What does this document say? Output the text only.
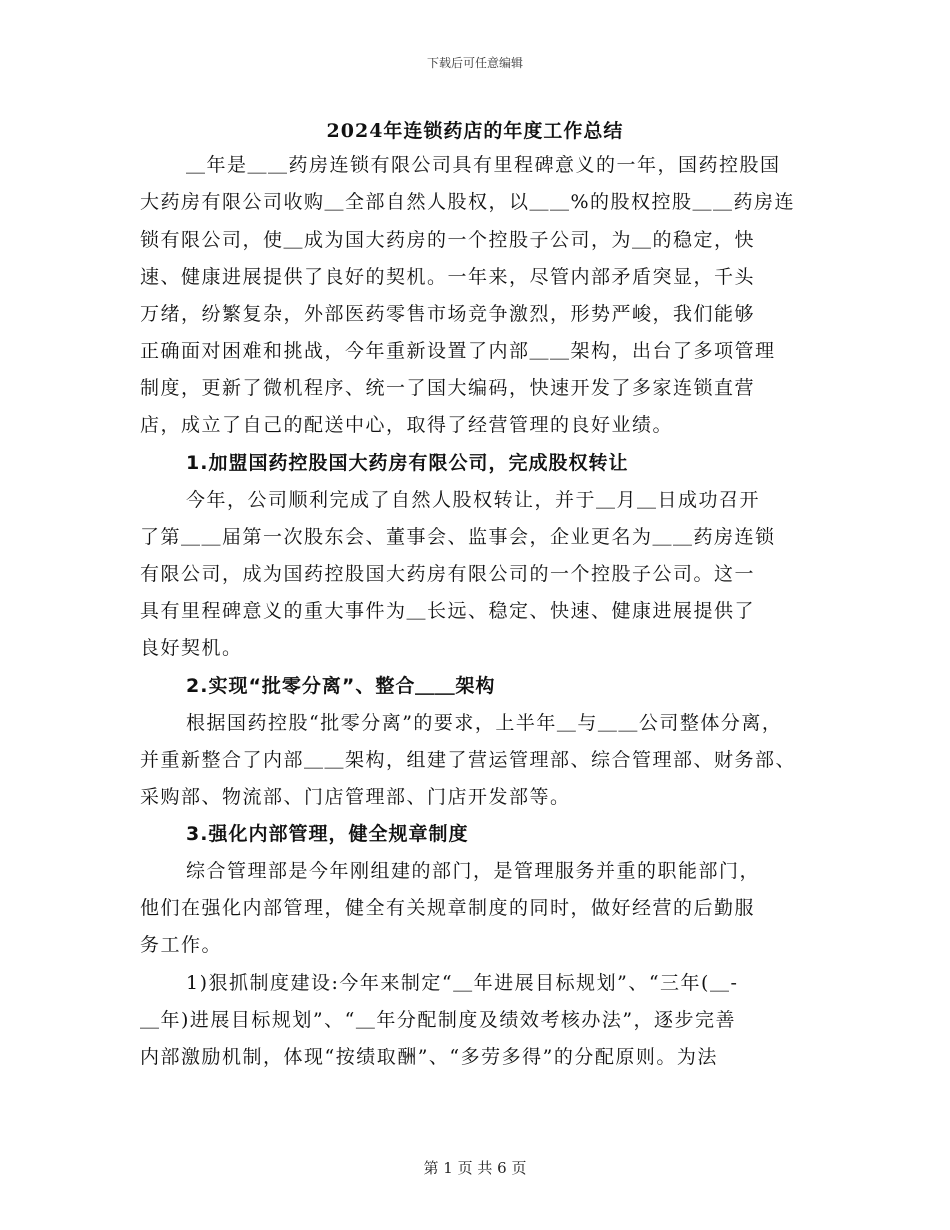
下载后可任意编辑
2024年连锁药店的年度工作总结
＿年是＿＿药房连锁有限公司具有里程碑意义的一年，国药控股国
大药房有限公司收购＿全部自然人股权，以＿＿%的股权控股＿＿药房连
锁有限公司，使＿成为国大药房的一个控股子公司，为＿的稳定，快
速、健康进展提供了良好的契机。一年来，尽管内部矛盾突显，千头
万绪，纷繁复杂，外部医药零售市场竞争激烈，形势严峻，我们能够
正确面对困难和挑战，今年重新设置了内部＿＿架构，出台了多项管理
制度，更新了微机程序、统一了国大编码，快速开发了多家连锁直营
店，成立了自己的配送中心，取得了经营管理的良好业绩。
1.加盟国药控股国大药房有限公司，完成股权转让
今年，公司顺利完成了自然人股权转让，并于＿月＿日成功召开
了第＿＿届第一次股东会、董事会、监事会，企业更名为＿＿药房连锁
有限公司，成为国药控股国大药房有限公司的一个控股子公司。这一
具有里程碑意义的重大事件为＿长远、稳定、快速、健康进展提供了
良好契机。
2.实现“批零分离”、整合＿＿架构
根据国药控股“批零分离”的要求，上半年＿与＿＿公司整体分离，
并重新整合了内部＿＿架构，组建了营运管理部、综合管理部、财务部、
采购部、物流部、门店管理部、门店开发部等。
3.强化内部管理，健全规章制度
综合管理部是今年刚组建的部门，是管理服务并重的职能部门，
他们在强化内部管理，健全有关规章制度的同时，做好经营的后勤服
务工作。
1)狠抓制度建设:今年来制定“＿年进展目标规划”、“三年(＿-
＿年)进展目标规划”、“＿年分配制度及绩效考核办法”，逐步完善
内部激励机制，体现“按绩取酬”、“多劳多得”的分配原则。为法
第 1 页 共 6 页
